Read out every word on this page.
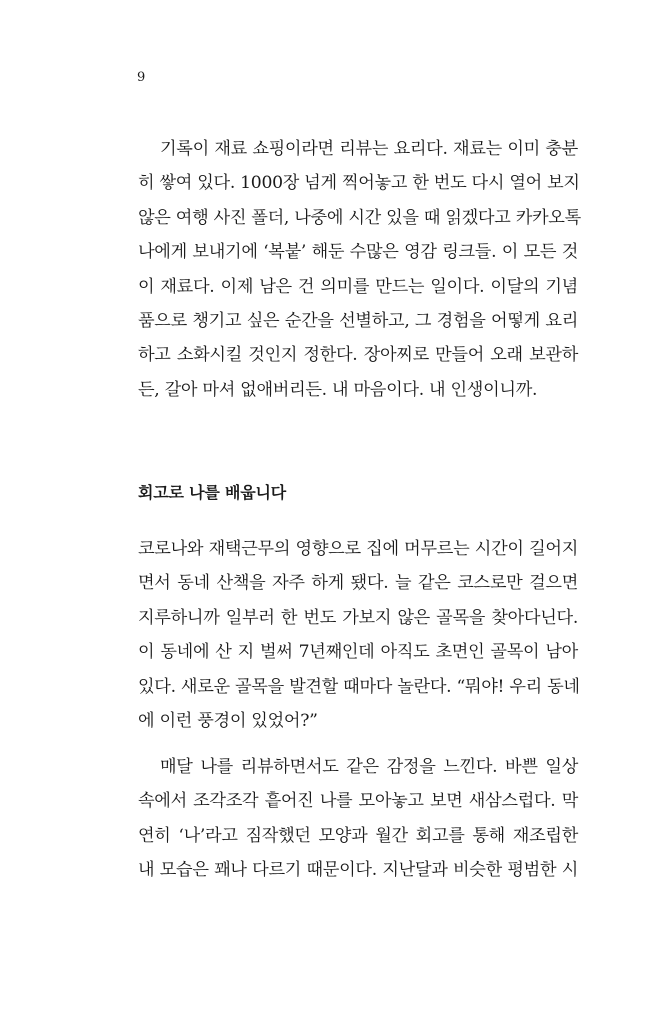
9
기록이 재료 쇼핑이라면 리뷰는 요리다. 재료는 이미 충분
히 쌓여 있다. 1000장 넘게 찍어놓고 한 번도 다시 열어 보지
않은 여행 사진 폴더, 나중에 시간 있을 때 읽겠다고 카카오톡
나에게 보내기에 ‘복붙’ 해둔 수많은 영감 링크들. 이 모든 것
이 재료다. 이제 남은 건 의미를 만드는 일이다. 이달의 기념
품으로 챙기고 싶은 순간을 선별하고, 그 경험을 어떻게 요리
하고 소화시킬 것인지 정한다. 장아찌로 만들어 오래 보관하
든, 갈아 마셔 없애버리든. 내 마음이다. 내 인생이니까.
회고로 나를 배웁니다
코로나와 재택근무의 영향으로 집에 머무르는 시간이 길어지
면서 동네 산책을 자주 하게 됐다. 늘 같은 코스로만 걸으면
지루하니까 일부러 한 번도 가보지 않은 골목을 찾아다닌다.
이 동네에 산 지 벌써 7년째인데 아직도 초면인 골목이 남아
있다. 새로운 골목을 발견할 때마다 놀란다. “뭐야! 우리 동네
에 이런 풍경이 있었어?”
매달 나를 리뷰하면서도 같은 감정을 느낀다. 바쁜 일상
속에서 조각조각 흩어진 나를 모아놓고 보면 새삼스럽다. 막
연히 ‘나’라고 짐작했던 모양과 월간 회고를 통해 재조립한
내 모습은 꽤나 다르기 때문이다. 지난달과 비슷한 평범한 시
